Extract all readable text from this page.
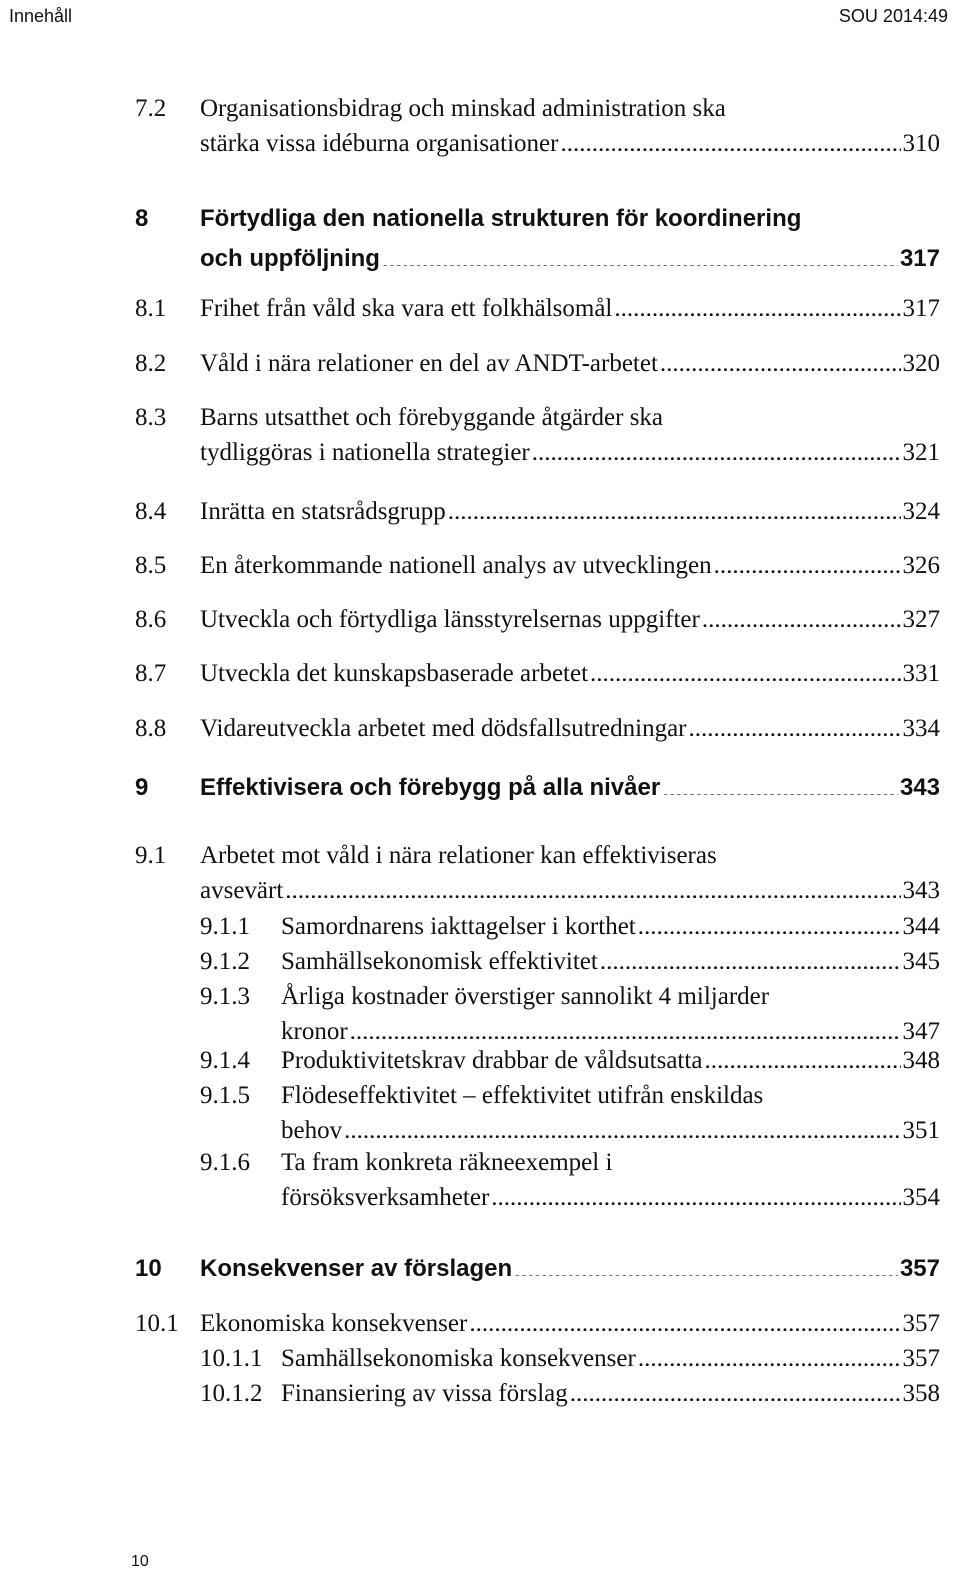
Innehåll	SOU 2014:49
7.2 Organisationsbidrag och minskad administration ska
stärka vissa idéburna organisationer .....	310
8 Förtydliga den nationella strukturen för koordinering
och uppföljning .....	317
8.1 Frihet från våld ska vara ett folkhälsomål .....	317
8.2 Våld i nära relationer en del av ANDT-arbetet .....	320
8.3 Barns utsatthet och förebyggande åtgärder ska
tydliggöras i nationella strategier .....	321
8.4 Inrätta en statsrådsgrupp .....	324
8.5 En återkommande nationell analys av utvecklingen .....	326
8.6 Utveckla och förtydliga länsstyrelsernas uppgifter .....	327
8.7 Utveckla det kunskapsbaserade arbetet .....	331
8.8 Vidareutveckla arbetet med dödsfallsutredningar .....	334
9 Effektivisera och förebygg på alla nivåer .....	343
9.1 Arbetet mot våld i nära relationer kan effektiviseras
avsevärt .....	343
9.1.1 Samordnarens iakttagelser i korthet .....	344
9.1.2 Samhällsekonomisk effektivitet .....	345
9.1.3 Årliga kostnader överstiger sannolikt 4 miljarder
kronor .....	347
9.1.4 Produktivitetskrav drabbar de våldsutsatta .....	348
9.1.5 Flödeseffektivitet – effektivitet utifrån enskildas
behov .....	351
9.1.6 Ta fram konkreta räkneexempel i
försöksverksamheter .....	354
10 Konsekvenser av förslagen .....	357
10.1 Ekonomiska konsekvenser .....	357
10.1.1 Samhällsekonomiska konsekvenser .....	357
10.1.2 Finansiering av vissa förslag .....	358
10
